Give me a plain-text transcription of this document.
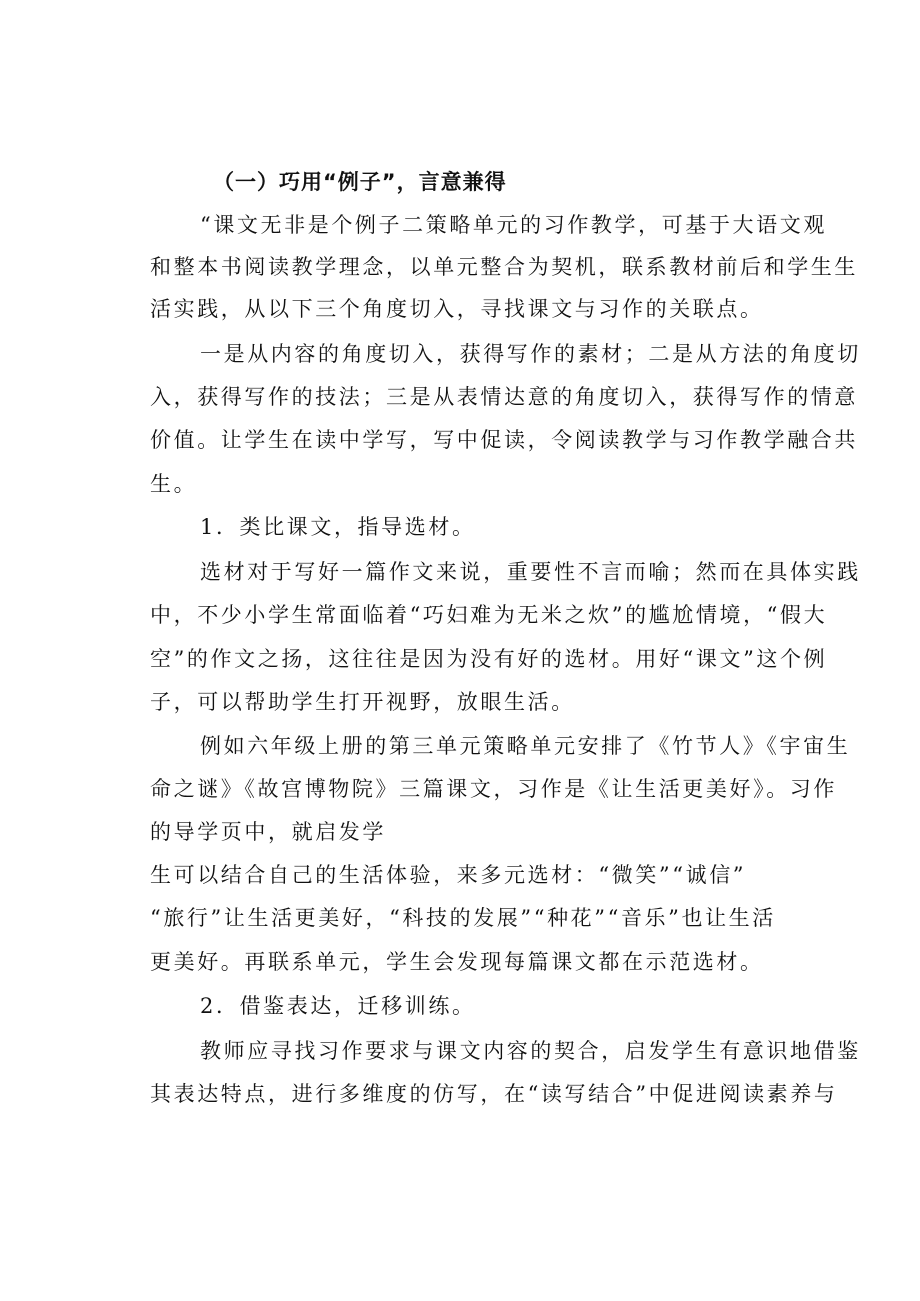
（一）巧用“例子”，言意兼得
“课文无非是个例子二策略单元的习作教学，可基于大语文观
和整本书阅读教学理念，以单元整合为契机，联系教材前后和学生生
活实践，从以下三个角度切入，寻找课文与习作的关联点。
一是从内容的角度切入，获得写作的素材；二是从方法的角度切
入，获得写作的技法；三是从表情达意的角度切入，获得写作的情意
价值。让学生在读中学写，写中促读，令阅读教学与习作教学融合共
生。
1．类比课文，指导选材。
选材对于写好一篇作文来说，重要性不言而喻；然而在具体实践
中，不少小学生常面临着“巧妇难为无米之炊”的尴尬情境，“假大
空”的作文之扬，这往往是因为没有好的选材。用好“课文”这个例
子，可以帮助学生打开视野，放眼生活。
例如六年级上册的第三单元策略单元安排了《竹节人》《宇宙生
命之谜》《故宫博物院》三篇课文，习作是《让生活更美好》。习作
的导学页中，就启发学
生可以结合自己的生活体验，来多元选材：“微笑”“诚信”
“旅行”让生活更美好，“科技的发展”“种花”“音乐”也让生活
更美好。再联系单元，学生会发现每篇课文都在示范选材。
2．借鉴表达，迁移训练。
教师应寻找习作要求与课文内容的契合，启发学生有意识地借鉴
其表达特点，进行多维度的仿写，在“读写结合”中促进阅读素养与
